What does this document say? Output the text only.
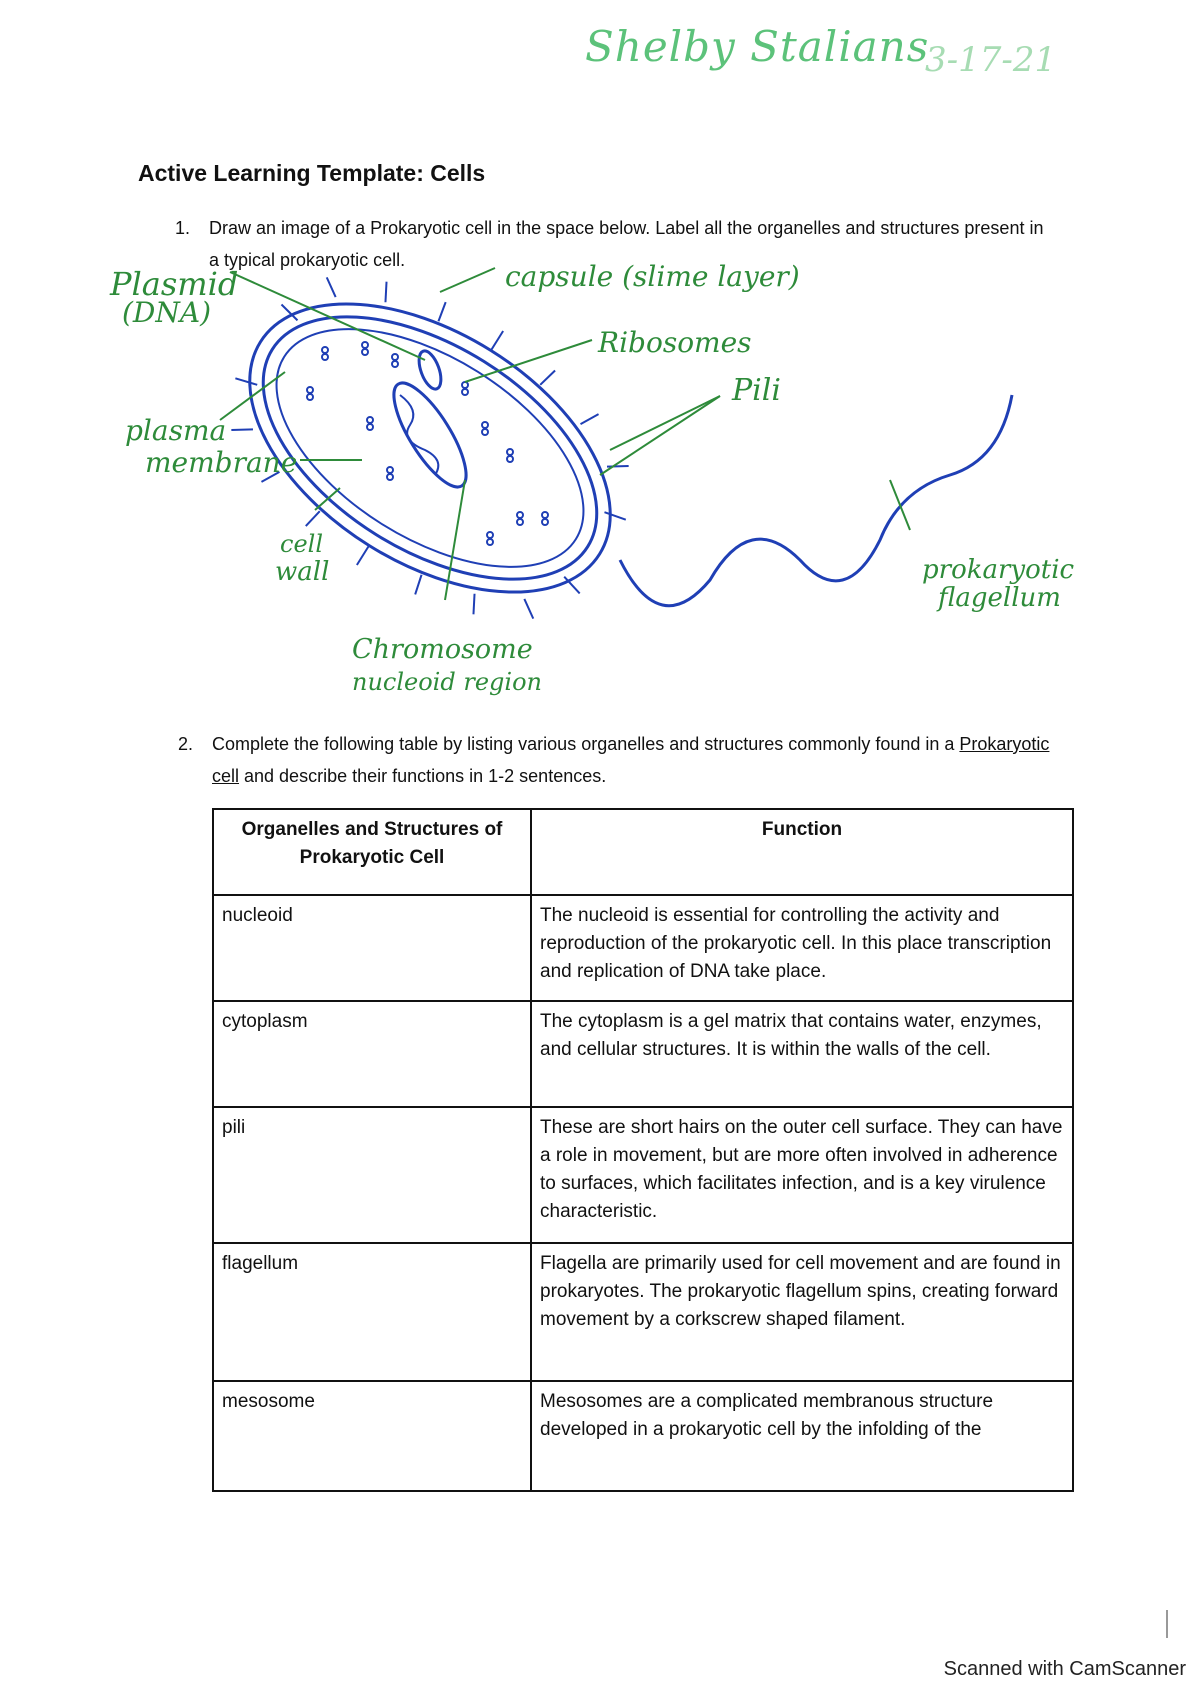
Shelby Stalians
3-17-21
Active Learning Template: Cells
1. Draw an image of a Prokaryotic cell in the space below. Label all the organelles and structures present in a typical prokaryotic cell.
Plasmid
(DNA)
capsule (slime layer)
Ribosomes
Pili
plasma
membrane
cell
wall
Chromosome
nucleoid region
prokaryotic
flagellum
2. Complete the following table by listing various organelles and structures commonly found in a Prokaryotic cell and describe their functions in 1-2 sentences.
Organelles and Structures of Prokaryotic Cell	Function
nucleoid	The nucleoid is essential for controlling the activity and reproduction of the prokaryotic cell. In this place transcription and replication of DNA take place.
cytoplasm	The cytoplasm is a gel matrix that contains water, enzymes, and cellular structures. It is within the walls of the cell.
pili	These are short hairs on the outer cell surface. They can have a role in movement, but are more often involved in adherence to surfaces, which facilitates infection, and is a key virulence characteristic.
flagellum	Flagella are primarily used for cell movement and are found in prokaryotes. The prokaryotic flagellum spins, creating forward movement by a corkscrew shaped filament.
mesosome	Mesosomes are a complicated membranous structure developed in a prokaryotic cell by the infolding of the
Scanned with CamScanner
